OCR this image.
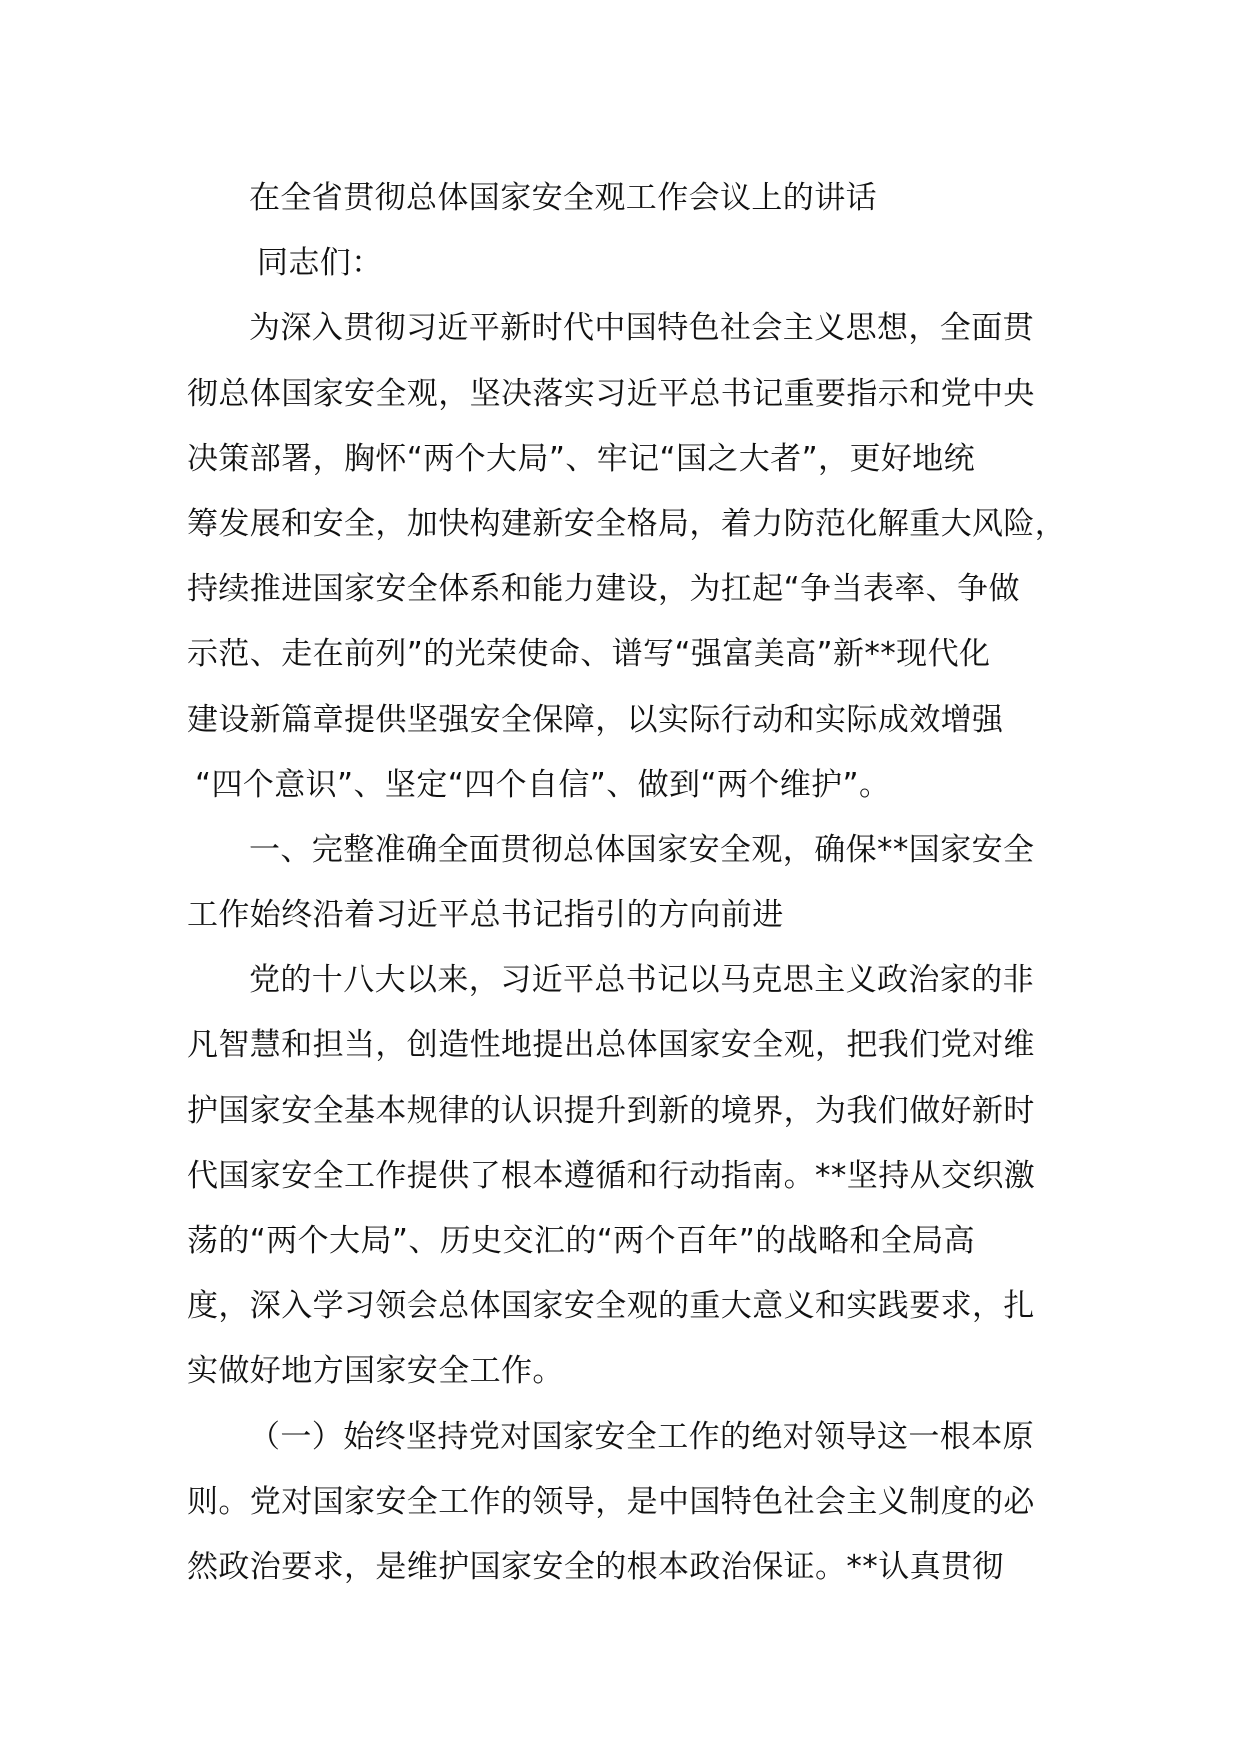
在全省贯彻总体国家安全观工作会议上的讲话
同志们：
为深入贯彻习近平新时代中国特色社会主义思想，全面贯
彻总体国家安全观，坚决落实习近平总书记重要指示和党中央
决策部署，胸怀“两个大局”、牢记“国之大者”，更好地统
筹发展和安全，加快构建新安全格局，着力防范化解重大风险，
持续推进国家安全体系和能力建设，为扛起“争当表率、争做
示范、走在前列”的光荣使命、谱写“强富美高”新**现代化
建设新篇章提供坚强安全保障，以实际行动和实际成效增强
“四个意识”、坚定“四个自信”、做到“两个维护”。
一、完整准确全面贯彻总体国家安全观，确保**国家安全
工作始终沿着习近平总书记指引的方向前进
党的十八大以来，习近平总书记以马克思主义政治家的非
凡智慧和担当，创造性地提出总体国家安全观，把我们党对维
护国家安全基本规律的认识提升到新的境界，为我们做好新时
代国家安全工作提供了根本遵循和行动指南。**坚持从交织激
荡的“两个大局”、历史交汇的“两个百年”的战略和全局高
度，深入学习领会总体国家安全观的重大意义和实践要求，扎
实做好地方国家安全工作。
（一）始终坚持党对国家安全工作的绝对领导这一根本原
则。党对国家安全工作的领导，是中国特色社会主义制度的必
然政治要求，是维护国家安全的根本政治保证。**认真贯彻
